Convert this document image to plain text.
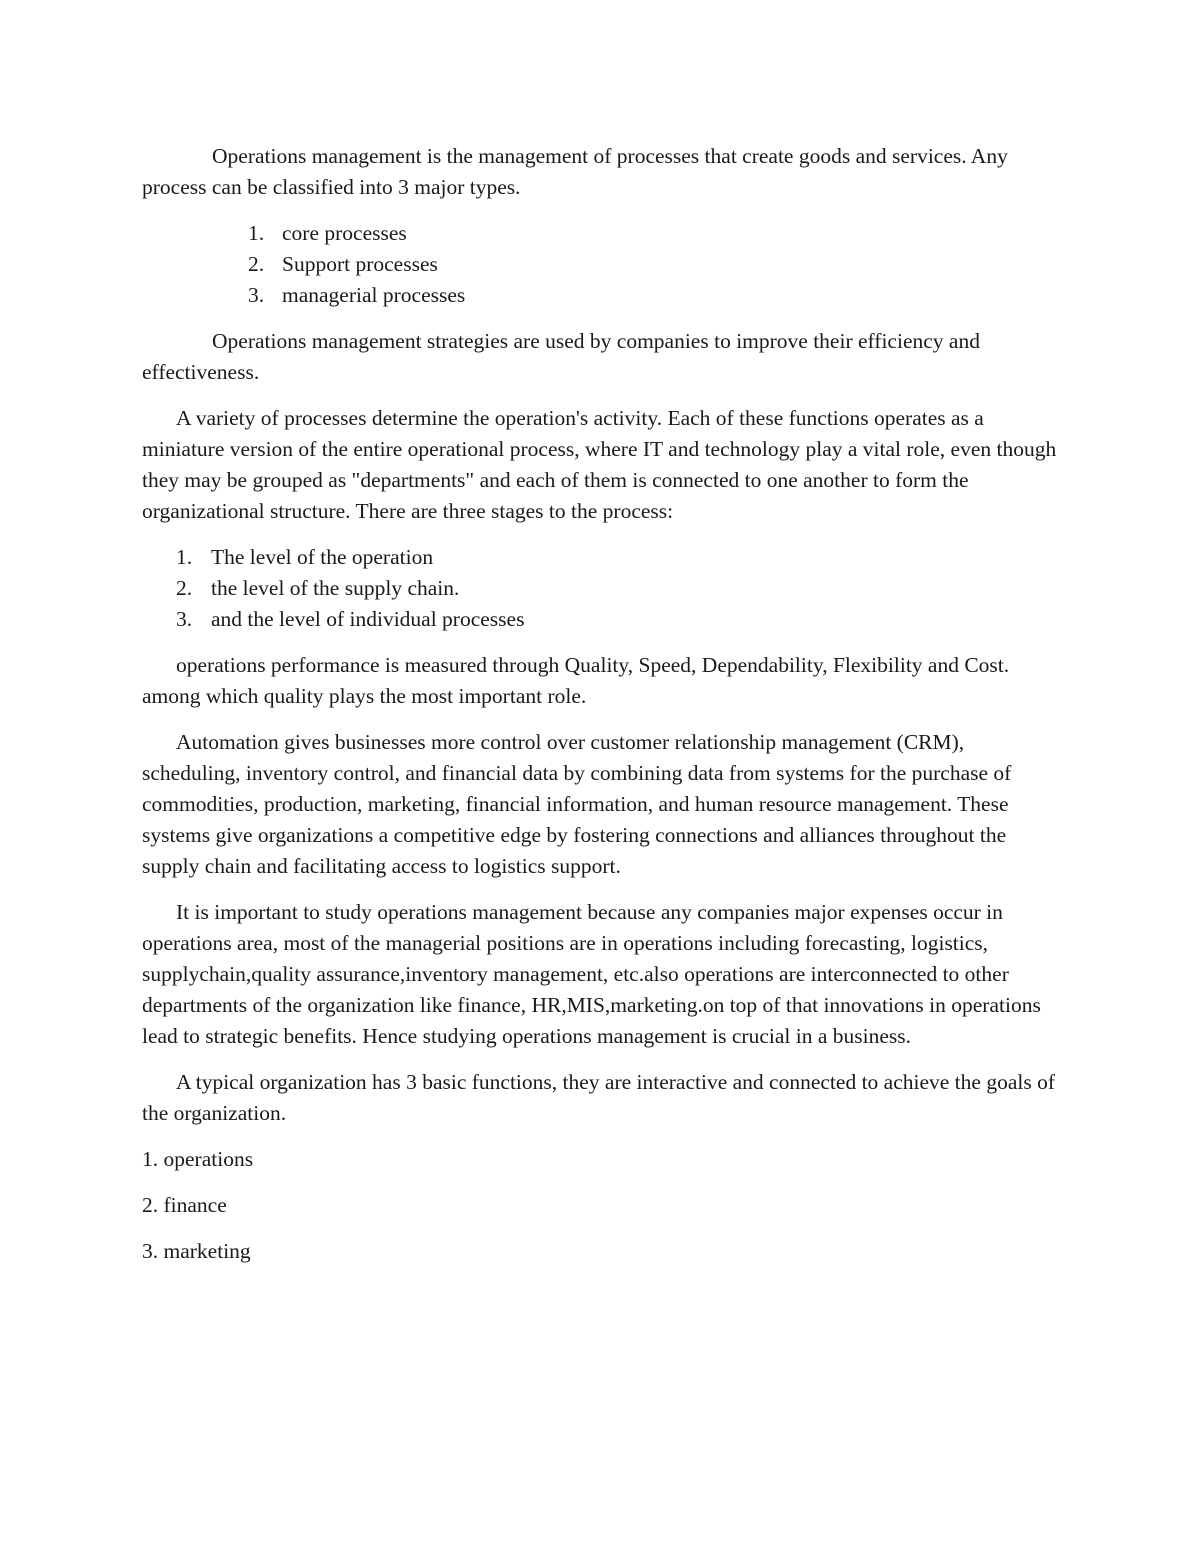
Operations management is the management of processes that create goods and services. Any process can be classified into 3 major types.

1. core processes
2. Support processes
3. managerial processes

Operations management strategies are used by companies to improve their efficiency and effectiveness.

A variety of processes determine the operation's activity. Each of these functions operates as a miniature version of the entire operational process, where IT and technology play a vital role, even though they may be grouped as "departments" and each of them is connected to one another to form the organizational structure. There are three stages to the process:

1. The level of the operation
2. the level of the supply chain.
3. and the level of individual processes

operations performance is measured through Quality, Speed, Dependability, Flexibility and Cost. among which quality plays the most important role.

Automation gives businesses more control over customer relationship management (CRM), scheduling, inventory control, and financial data by combining data from systems for the purchase of commodities, production, marketing, financial information, and human resource management. These systems give organizations a competitive edge by fostering connections and alliances throughout the supply chain and facilitating access to logistics support.

It is important to study operations management because any companies major expenses occur in operations area, most of the managerial positions are in operations including forecasting, logistics, supplychain,quality assurance,inventory management, etc.also operations are interconnected to other departments of the organization like finance, HR,MIS,marketing.on top of that innovations in operations lead to strategic benefits. Hence studying operations management is crucial in a business.

A typical organization has 3 basic functions, they are interactive and connected to achieve the goals of the organization.

1. operations

2. finance

3. marketing
